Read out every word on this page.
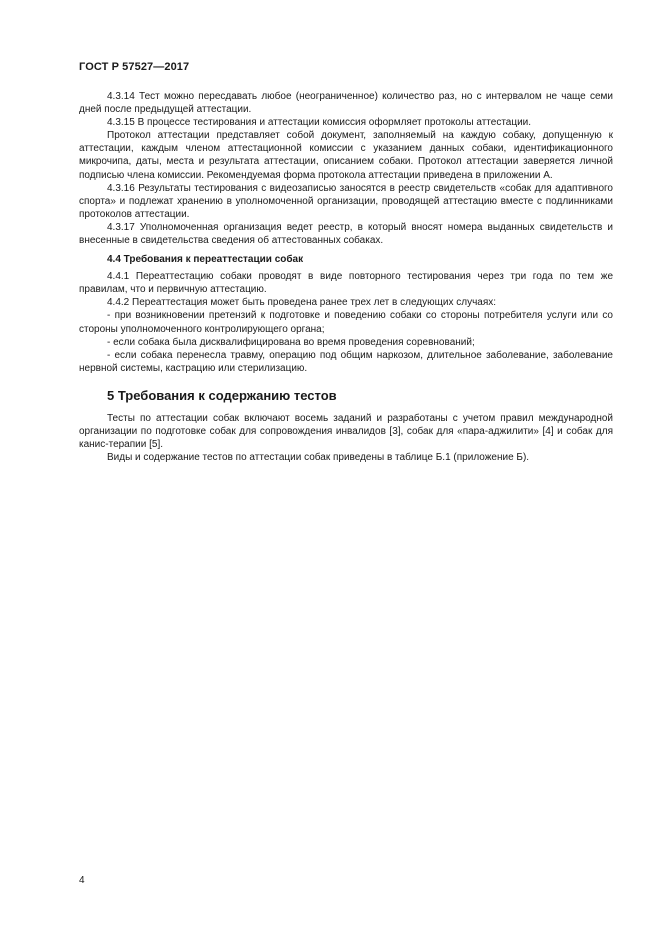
ГОСТ Р 57527—2017

4.3.14 Тест можно пересдавать любое (неограниченное) количество раз, но с интервалом не чаще семи дней после предыдущей аттестации.

4.3.15 В процессе тестирования и аттестации комиссия оформляет протоколы аттестации.

Протокол аттестации представляет собой документ, заполняемый на каждую собаку, допущенную к аттестации, каждым членом аттестационной комиссии с указанием данных собаки, идентификационного микрочипа, даты, места и результата аттестации, описанием собаки. Протокол аттестации заверяется личной подписью члена комиссии. Рекомендуемая форма протокола аттестации приведена в приложении А.

4.3.16 Результаты тестирования с видеозаписью заносятся в реестр свидетельств «собак для адаптивного спорта» и подлежат хранению в уполномоченной организации, проводящей аттестацию вместе с подлинниками протоколов аттестации.

4.3.17 Уполномоченная организация ведет реестр, в который вносят номера выданных свидетельств и внесенные в свидетельства сведения об аттестованных собаках.

4.4 Требования к переаттестации собак

4.4.1 Переаттестацию собаки проводят в виде повторного тестирования через три года по тем же правилам, что и первичную аттестацию.

4.4.2 Переаттестация может быть проведена ранее трех лет в следующих случаях:

- при возникновении претензий к подготовке и поведению собаки со стороны потребителя услуги или со стороны уполномоченного контролирующего органа;

- если собака была дисквалифицирована во время проведения соревнований;

- если собака перенесла травму, операцию под общим наркозом, длительное заболевание, заболевание нервной системы, кастрацию или стерилизацию.

5 Требования к содержанию тестов

Тесты по аттестации собак включают восемь заданий и разработаны с учетом правил международной организации по подготовке собак для сопровождения инвалидов [3], собак для «пара-аджилити» [4] и собак для канис-терапии [5].

Виды и содержание тестов по аттестации собак приведены в таблице Б.1 (приложение Б).

4
